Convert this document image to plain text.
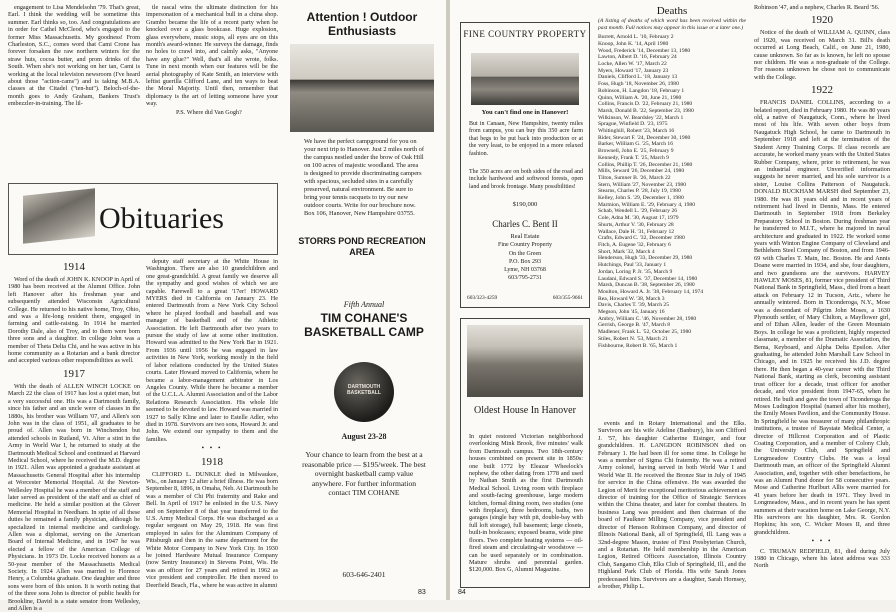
engagement to Lisa Mendelsohn '79. That's great, Earl. I think the wedding will be sometime this summer. Earl thinks so, too. And congratulations are in order for Cathel McCleod, who's engaged to the former Miss Massachusetts. My goodness! From Charleston, S.C., comes word that Cami Crone has forever forsaken the raw northern winters for the straw huts, cocoa butter, and prom drinks of the South. When she's not working on her tan, Cami is working at the local television newsroom (I've heard about those "action-cams") and is taking M.B.A. classes at the Citadel ("ten-hut"). Beloch-of-the-month goes to Andy Graham, Bankers Trust's embezzler-in-training. The lil-

tle rascal wins the ultimate distinction for his impersonation of a mechanical bull in a china shop. Grambo became the life of a recent party when he knocked over a glass bookcase. Huge explosion, glass everywhere, music stops, all eyes are on this month's award-winner. He surveys the damage, finds no holes to crawl into, and calmly asks, "Anyone have any glue?" Well, that's all she wrote, folks. Tune in next month when our features will be the aerial photography of Kate Smith, an interview with leftist guerilla Clifford Lane, and ten ways to beat the Moral Majority. Until then, remember that diplomacy is the art of letting someone have your way.

P.S. Where did Van Gogh?

Obituaries
1914

Word of the death of JOHN K. KNOOP in April of 1980 has been received at the Alumni Office. John left Hanover after his freshman year and subsequently attended Wisconsin Agricultural College. He returned to his native home, Troy, Ohio, and was a life-long resident there, engaged in farming and cattle-raising. In 1914 he married Dorothy Dale, also of Troy, and to them were born three sons and a daughter. In college John was a member of Theta Delta Chi, and he was active in his home community as a Rotarian and a bank director and accepted various other responsibilities as well.

1917

With the death of ALLEN WINCH LOCKE on March 22 the class of 1917 has lost a quiet man, but a very successful one. His was a Dartmouth family, since his father and an uncle were of classes in the 1880s, his brother was William '07, and Allen's son John was in the class of 1951, all graduates to be proud of. Allen was born in Winchendon but attended schools in Rutland, Vt. After a stint in the Army in World War I, he returned to study at the Dartmouth Medical School and continued at Harvard Medical School, where he received the M.D. degree in 1921. Allen was appointed a graduate assistant at Massachusetts General Hospital after his internship at Worcester Memorial Hospital. At the Newton-Wellesley Hospital he was a member of the staff and later served as president of the staff and as chief of medicine. He held a similar position at the Glover Memorial Hospital in Needham. In spite of all these duties he remained a family physician, although he specialized in internal medicine and cardiology. Allen was a diplomat, serving on the American Board of Internal Medicine, and in 1947 he was elected a fellow of the American College of Physicians. In 1973 Dr. Locke received honors as a 50-year member of the Massachusetts Medical Society. In 1924 Allen was married to Florence Henry, a Columbia graduate. One daughter and three sons were born of this union. It is worth noting that of the three sons John is director of public health for Brookline, David is a state senator from Wellesley, and Allen is a

deputy staff secretary at the White House in Washington. There are also 10 grandchildren and one great-grandchild. A great family we deserve all the sympathy and good wishes of which we are capable. Farewell to a great '17er! HOWARD MYERS died in California on January 23. He entered Dartmouth from a New York City School where he played football and baseball and was manager of basketball and of the Athletic Association. He left Dartmouth after two years to pursue the study of law at some other institution. Howard was admitted to the New York Bar in 1921. From 1936 until 1956 he was engaged in law activities in New York, working mostly in the field of labor relations conducted by the United States courts. Later Howard moved to California, where he became a labor-management arbitrator in Los Angeles County. While there he became a member of the U.C.L.A. Alumni Association and of the Labor Relations Research Association. His whole life seemed to be devoted to law. Howard was married in 1927 to Sally Kline and later to Estelle Adler, who died in 1978. Survivors are two sons, Howard Jr. and John. We extend our sympathy to them and the families.

• • •
1918

CLIFFORD L. DUNKLE died in Milwaukee, Wis., on January 12 after a brief illness. He was born September 8, 1896, in Omaha, Neb. At Dartmouth he was a member of Chi Phi fraternity and Rake and Bell. In April of 1917 he enlisted in the U.S. Navy and on September 8 of that year transferred to the U.S. Army Medical Corps. He was discharged as a regular sergeant on May 29, 1918. He was first employed in sales for the Aluminum Company of Pittsburgh and then in the same department for the White Motor Company in New York City. In 1930 he joined Hardware Mutual Insurance Company (now Sentry Insurance) in Stevens Point, Wis. He was an officer for 27 years and retired in 1962 as vice president and comptroller. He then moved to Deerfield Beach, Fla., where he was active in alumni

Attention ! Outdoor Enthusiasts
We have the perfect campground for you on your next trip to Hanover. Just 2 miles north of the campus nestled under the brow of Oak Hill on 100 acres of majestic woodland. The area is designed to provide discriminating campers with spacious, secluded sites in a carefully preserved, natural environment. Be sure to bring your tennis racquets to try our new outdoor courts. Write for our brochure now. Box 106, Hanover, New Hampshire 03755.
STORRS POND RECREATION AREA
Fifth Annual
TIM COHANE'S BASKETBALL CAMP
DARTMOUTH BASKETBALL
August 23-28
Your chance to learn from the best at a reasonable price — $195/week. The best overnight basketball camp value anywhere. For further information contact TIM COHANE
603-646-2401
83
FINE COUNTRY PROPERTY
You can't find one in Hanover!
But in Canaan, New Hampshire, twenty miles from campus, you can buy this 350 acre farm that begs to be put back into production or at the very least, to be enjoyed in a more relaxed fashion.
The 350 acres are on both sides of the road and include hardwood and softwood forests, open land and brook frontage. Many possibilities!
$190,000
Charles C. Bent II
Real Estate
Fine Country Property
On the Green
P.O. Box 293
Lyme, NH 03768
603/795-2731
603/323-4259	603/355-9661
Oldest House In Hanover
In quiet restored Victorian neighborhood overlooking Mink Brook, five minutes' walk from Dartmouth campus. Two 18th-century houses combined on present site in 1850s: one built 1772 by Eleazar Wheelock's nephew, the other dating from 1778 and used by Nathan Smith as the first Dartmouth Medical School. Living room with fireplace and south-facing greenhouse, large modern kitchen, formal dining room, two studies (one with fireplace), three bedrooms, baths, two garages (single bay with pit, double-bay with full loft storage), full basement; large closets, built-in bookcases; exposed beams, wide pine floors. Two complete heating systems — oil-fired steam and circulating-air woodstove — can be used separately or in combination. Mature shrubs and perennial garden. $120,000. Box G, Alumni Magazine.
Deaths

(A listing of deaths of which word has been received within the past month. Full notices may appear in this issue or a later one.)

Burrett, Arnold L. '10, February 2
Knoop, John K. '14, April 1980
Wood, Frederick '14, December 13, 1980
Lawton, Albert D. '16, February 24
Locke, Allen W. '17, March 22
Myers, Howard '17, January 23
Daniels, Clifford L. '18, January 13
Foss, Hugh '18, November 26, 1980
Robinson, H. Langdon '18, February 1
Quinn, William A. '20, June 21, 1980
Collins, Francis D. '22, February 21, 1980
Marsh, Donald B. '22, September 23, 1980
Wilkinson, W. Beardsley '22, March 1
Sprague, Winfield D. '23, 1975
Whitinghill, Robert '23, March 16
Rider, Stewart F. '24, December 30, 1980
Barker, William G. '25, March 16
Brownell, John E. '25, February 9
Kennedy, Frank T. '25, March 9
Collins, Phillip T. '26, December 21, 1980
Mills, Seward '26, December 24, 1980
Tilton, Sumner B. '26, March 22
Stern, William '27, November 23, 1980
Stearns, Charles P. '28, July 19, 1980
Kelley, John S. '29, December 1, 1980
Marmion, William E. '29, February 4, 1980
Schab, Wendell L. '29, February 26
Cole, Adna M. '30, August 17, 1979
Shurts, Arthur V. '30, February 28
Wallace, Dale H. '31, February 12
Crafts, Edward C. '32, December 1980
Fitch, A. Eugene '32, February 6
Short, Mark '32, March 4
Henderson, Hugh '33, December 29, 1980
Hutchings, Paul '33, January 1
Jordan, Loring P. Jr. '35, March 9
Laudani, Edward S. '37, December 14, 1980
Marsh, Duncan B. '38, September 26, 1980
Moulton, Howard A. Jr. '38, February 14, 1974
Rea, Howard W. '38, March 3
Davis, Charles T. '39, March 25
Megson, John '45, January 16
Ambry, William C. '46, November 28, 1980
Gerrish, George B. '47, March 8
Madlener, Frank L. '52, October 25, 1980
Stiles, Robert N. '53, March 21
Fishbourne, Robert B. '65, March 1

events and in Rotary International and the Elks. Survivors are his wife Adeline (Banbury), his son Clifford J. '57, his daughter Catherine Eisinger, and four grandchildren. H. LANGDON ROBINSON died on February 1. He had been ill for some time. In College he was a member of Sigma Chi fraternity. He was a retired Army colonel, having served in both World War I and World War II. He received the Bronze Star in July of 1945 for service in the China offensive. He was awarded the Legion of Merit for exceptional meritorious achievement as director of training for the Office of Strategic Services within the China theater, and later for combat theaters. In business Lang was president and then chairman of the board of Faulkner Milling Company, vice president and director of Henson Robinson Company, and director of Illinois National Bank, all of Springfield, Ill. Lang was a 32nd-degree Mason, trustee of First Presbyterian Church, and a Rotarian. He held membership in the American Legion, Retired Officers Association, Illinois Country Club, Sangamo Club, Elks Club of Springfield, Ill., and the Highland Park Club of Florida. His wife Sarah Jones predeceased him. Survivors are a daughter, Sarah Hornsey, a brother, Philip L.

Robinson '47, and a nephew, Charles R. Beard '56.

1920

Notice of the death of WILLIAM A. QUINN, class of 1920, was received on March 31. Bill's death occurred at Long Beach, Calif., on June 21, 1980, cause unknown. So far as is known, he left no spouse nor children. He was a non-graduate of the College. For reasons unknown he chose not to communicate with the College.

1922

FRANCIS DANIEL COLLINS, according to a belated report, died in February 1980. He was 80 years old, a native of Naugatuck, Conn., where he lived most of his life. With seven other boys from Naugatuck High School, he came to Dartmouth in September 1918 and left at the termination of the Student Army Training Corps. If class records are accurate, he worked many years with the United States Rubber Company, where, prior to retirement, he was an industrial engineer. Unverified information suggests he never married, and his sole survivor is a sister, Louise Collins Patterson of Naugatuck. DONALD BUCKHAM MARSH died September 23, 1980. He was 81 years old and in recent years of retirement had lived in Dennis, Mass. He entered Dartmouth in September 1918 from Berkeley Preparatory School in Boston. During freshman year he transferred to M.I.T., where he majored in naval architecture and graduated in 1922. He worked some years with Winton Engine Company of Cleveland and Bethlehem Steel Company of Boston, and from 1946-69 with Charles T. Main, Inc. Boston. He and Annis Doane were married in 1934, and she, four daughters, and two grandsons are the survivors. HARVEY HAWLEY MOSES, 81, former vice president of Third National Bank in Springfield, Mass., died from a heart attack on February 12 in Tucson, Ariz., where he annually wintered. Born in Ticonderoga, N.Y., Mose was a descendant of Pilgrim John Moses, a 1630 Plymouth settler, of Mary Chilton, a Mayflower girl, and of Ethan Allen, leader of the Green Mountain Boys. In college he was a proficient, highly respected classmate, a member of the Dramatic Association, the Bema, Keyboard, and Alpha Delta Epsilon. After graduating, he attended John Marshall Law School in Chicago, and in 1925 he received his J.D. degree there. He then began a 40-year career with the Third National Bank, starting as clerk, becoming assistant trust officer for a decade, trust officer for another decade, and vice president from 1947-65, when he retired. He built and gave the town of Ticonderoga the Moses Ludington Hospital (named after his mother), the Emily Moses Pavilion, and the Community House. In Springfield he was treasurer of many philanthropic institutions, a trustee of Baystate Medical Center, a director of Hillcrest Corporation and of Plastic Coating Corporation, and a member of Colony Club, the University Club, and Springfield and Longmeadow Country Clubs. He was a loyal Dartmouth man, an officer of the Springfield Alumni Association, and, together with other benefactions, he was an Alumni Fund donor for 58 consecutive years. Mose and Catherine Hurlburt Allis were married for 41 years before her death in 1971. They lived in Longmeadow, Mass., and in recent years he has spent summers at their vacation home on Lake George, N.Y. His survivors are his daughter, Mrs. R. Gordon Hopkins; his son, C. Wicker Moses II, and three grandchildren.

• • •

C. TRUMAN REDFIELD, 81, died during July 1980 in Chicago, where his latest address was 333 North

84
